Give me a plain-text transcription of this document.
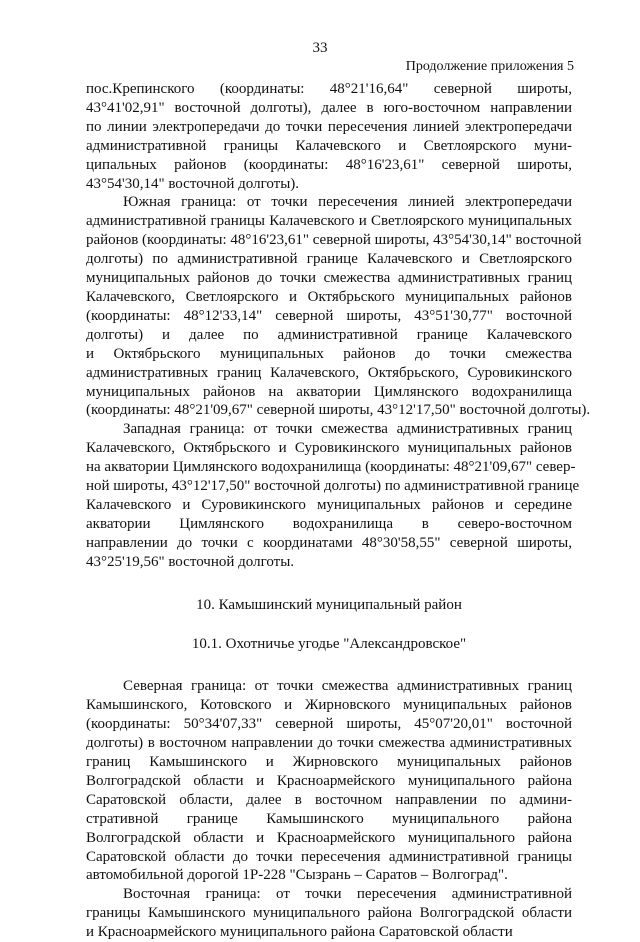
33
Продолжение приложения 5

пос.Крепинского (координаты: 48°21'16,64" северной широты,
43°41'02,91" восточной долготы), далее в юго-восточном направлении
по линии электропередачи до точки пересечения линией электропередачи
административной границы Калачевского и Светлоярского муни-
ципальных районов (координаты: 48°16'23,61" северной широты,
43°54'30,14" восточной долготы).

Южная граница: от точки пересечения линией электропередачи
административной границы Калачевского и Светлоярского муниципальных
районов (координаты: 48°16'23,61" северной широты, 43°54'30,14" восточной
долготы) по административной границе Калачевского и Светлоярского
муниципальных районов до точки смежества административных границ
Калачевского, Светлоярского и Октябрьского муниципальных районов
(координаты: 48°12'33,14" северной широты, 43°51'30,77" восточной
долготы) и далее по административной границе Калачевского
и Октябрьского муниципальных районов до точки смежества
административных границ Калачевского, Октябрьского, Суровикинского
муниципальных районов на акватории Цимлянского водохранилища
(координаты: 48°21'09,67" северной широты, 43°12'17,50" восточной долготы).

Западная граница: от точки смежества административных границ
Калачевского, Октябрьского и Суровикинского муниципальных районов
на акватории Цимлянского водохранилища (координаты: 48°21'09,67" север-
ной широты, 43°12'17,50" восточной долготы) по административной границе
Калачевского и Суровикинского муниципальных районов и середине
акватории Цимлянского водохранилища в северо-восточном
направлении до точки с координатами 48°30'58,55" северной широты,
43°25'19,56" восточной долготы.

10. Камышинский муниципальный район

10.1. Охотничье угодье "Александровское"

Северная граница: от точки смежества административных границ
Камышинского, Котовского и Жирновского муниципальных районов
(координаты: 50°34'07,33" северной широты, 45°07'20,01" восточной
долготы) в восточном направлении до точки смежества административных
границ Камышинского и Жирновского муниципальных районов
Волгоградской области и Красноармейского муниципального района
Саратовской области, далее в восточном направлении по админи-
стративной границе Камышинского муниципального района
Волгоградской области и Красноармейского муниципального района
Саратовской области до точки пересечения административной границы
автомобильной дорогой 1Р-228 "Сызрань – Саратов – Волгоград".

Восточная граница: от точки пересечения административной
границы Камышинского муниципального района Волгоградской области
и Красноармейского муниципального района Саратовской области
